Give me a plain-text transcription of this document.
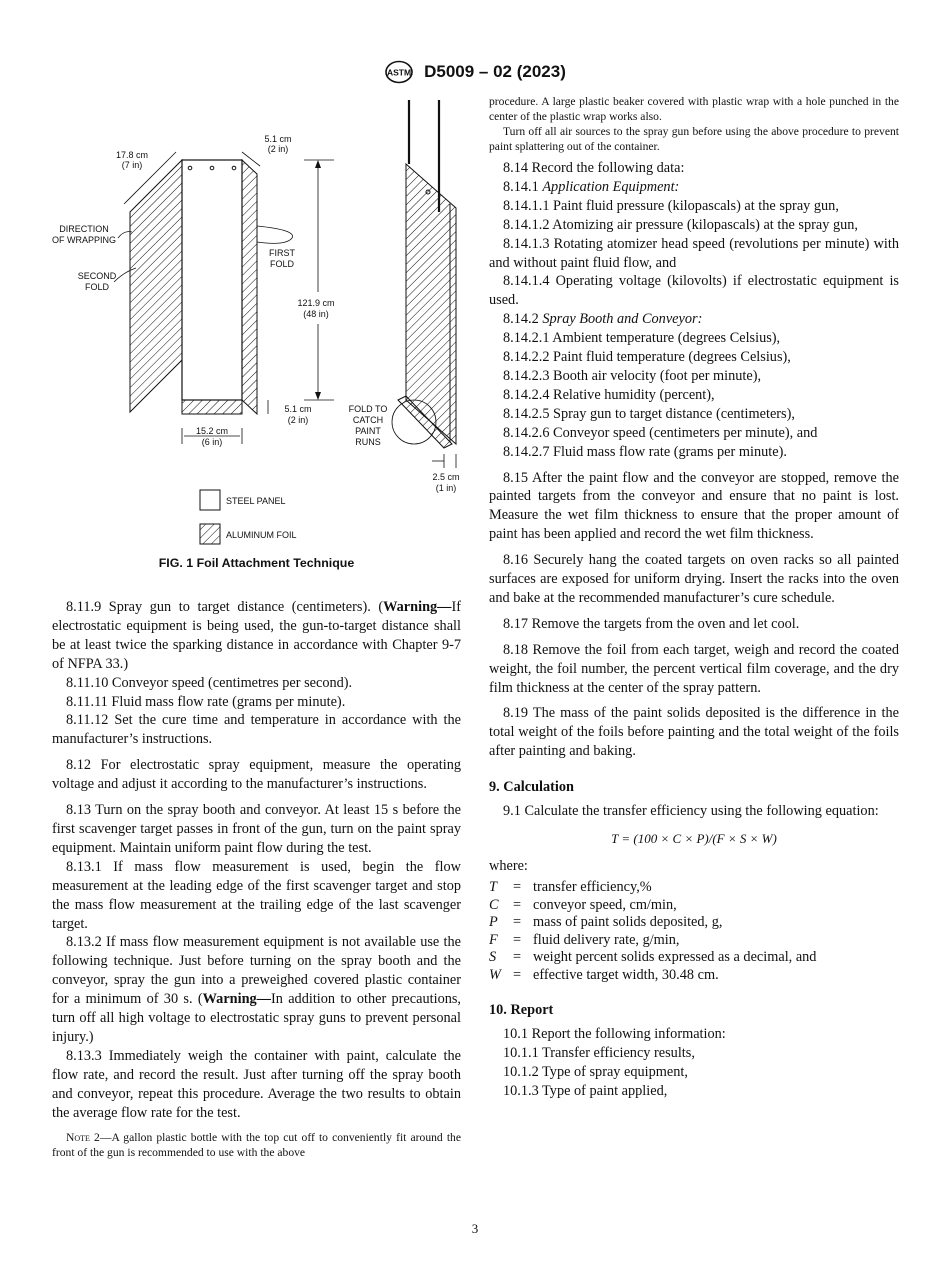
ASTM D5009 – 02 (2023)
17.8 cm
(7 in)
5.1 cm
(2 in)
DIRECTION
OF WRAPPING
SECOND
FOLD
FIRST
FOLD
121.9 cm
(48 in)
5.1 cm
(2 in)
15.2 cm
(6 in)
FOLD TO
CATCH
PAINT
RUNS
2.5 cm
(1 in)
STEEL PANEL
ALUMINUM FOIL
FIG. 1 Foil Attachment Technique

8.11.9 Spray gun to target distance (centimeters). (Warning—If electrostatic equipment is being used, the gun-to-target distance shall be at least twice the sparking distance in accordance with Chapter 9-7 of NFPA 33.)

8.11.10 Conveyor speed (centimetres per second).

8.11.11 Fluid mass flow rate (grams per minute).

8.11.12 Set the cure time and temperature in accordance with the manufacturer’s instructions.

8.12 For electrostatic spray equipment, measure the operating voltage and adjust it according to the manufacturer’s instructions.

8.13 Turn on the spray booth and conveyor. At least 15 s before the first scavenger target passes in front of the gun, turn on the paint spray equipment. Maintain uniform paint flow during the test.

8.13.1 If mass flow measurement is used, begin the flow measurement at the leading edge of the first scavenger target and stop the mass flow measurement at the trailing edge of the last scavenger target.

8.13.2 If mass flow measurement equipment is not available use the following technique. Just before turning on the spray booth and the conveyor, spray the gun into a preweighed covered plastic container for a minimum of 30 s. (Warning—In addition to other precautions, turn off all high voltage to electrostatic spray guns to prevent personal injury.)

8.13.3 Immediately weigh the container with paint, calculate the flow rate, and record the result. Just after turning off the spray booth and conveyor, repeat this procedure. Average the two results to obtain the average flow rate for the test.

Note 2—A gallon plastic bottle with the top cut off to conveniently fit around the front of the gun is recommended to use with the above
procedure. A large plastic beaker covered with plastic wrap with a hole punched in the center of the plastic wrap works also.
Turn off all air sources to the spray gun before using the above procedure to prevent paint splattering out of the container.

8.14 Record the following data:

8.14.1 Application Equipment:

8.14.1.1 Paint fluid pressure (kilopascals) at the spray gun,

8.14.1.2 Atomizing air pressure (kilopascals) at the spray gun,

8.14.1.3 Rotating atomizer head speed (revolutions per minute) with and without paint fluid flow, and

8.14.1.4 Operating voltage (kilovolts) if electrostatic equipment is used.

8.14.2 Spray Booth and Conveyor:

8.14.2.1 Ambient temperature (degrees Celsius),

8.14.2.2 Paint fluid temperature (degrees Celsius),

8.14.2.3 Booth air velocity (foot per minute),

8.14.2.4 Relative humidity (percent),

8.14.2.5 Spray gun to target distance (centimeters),

8.14.2.6 Conveyor speed (centimeters per minute), and

8.14.2.7 Fluid mass flow rate (grams per minute).

8.15 After the paint flow and the conveyor are stopped, remove the painted targets from the conveyor and ensure that no paint is lost. Measure the wet film thickness to ensure that the proper amount of paint has been applied and record the wet film thickness.

8.16 Securely hang the coated targets on oven racks so all painted surfaces are exposed for uniform drying. Insert the racks into the oven and bake at the recommended manufacturer’s cure schedule.

8.17 Remove the targets from the oven and let cool.

8.18 Remove the foil from each target, weigh and record the coated weight, the foil number, the percent vertical film coverage, and the dry film thickness at the center of the spray pattern.

8.19 The mass of the paint solids deposited is the difference in the total weight of the foils before painting and the total weight of the foils after painting and baking.

9. Calculation

9.1 Calculate the transfer efficiency using the following equation:

T = (100 × C × P)/(F × S × W)

where:

T = transfer efficiency,%
C = conveyor speed, cm/min,
P = mass of paint solids deposited, g,
F = fluid delivery rate, g/min,
S = weight percent solids expressed as a decimal, and
W = effective target width, 30.48 cm.
10. Report

10.1 Report the following information:

10.1.1 Transfer efficiency results,

10.1.2 Type of spray equipment,

10.1.3 Type of paint applied,

3
